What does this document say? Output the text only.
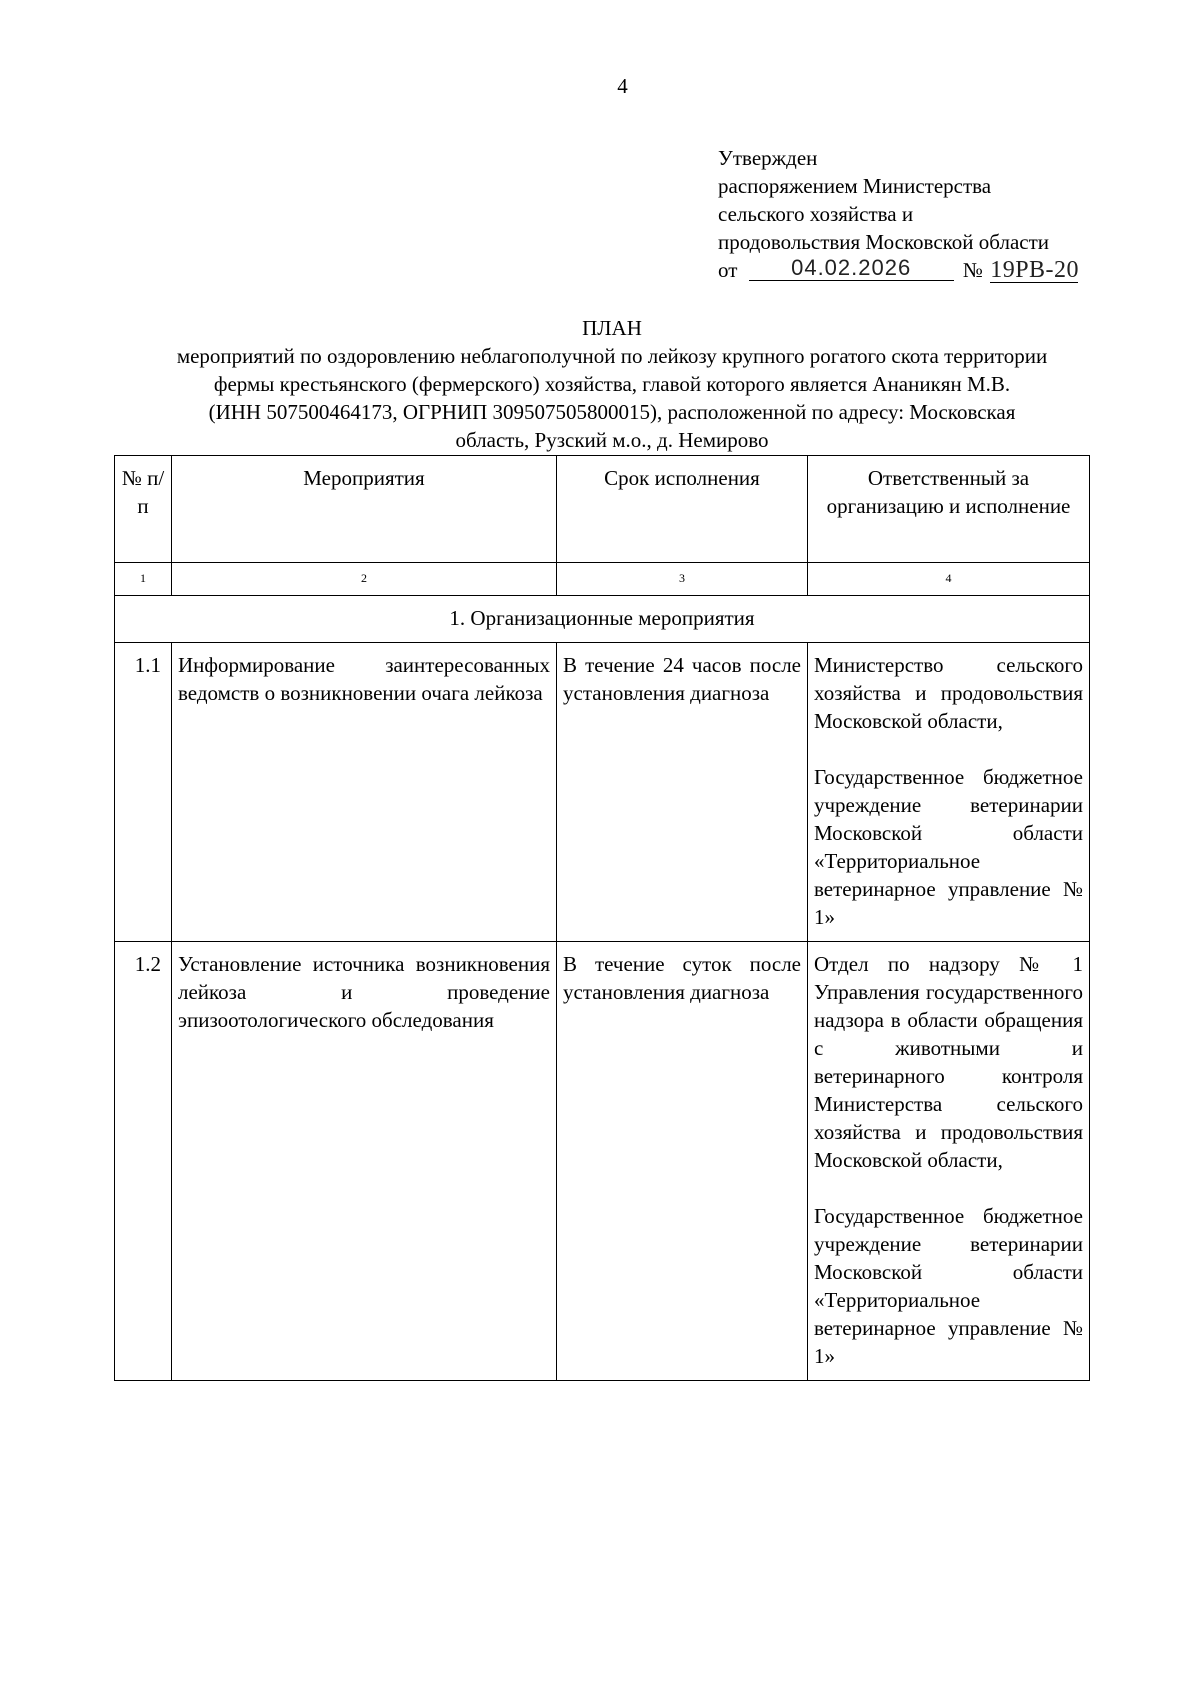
4
Утвержден
распоряжением Министерства
сельского хозяйства и
продовольствия Московской области
от 04.02.2026 № 19РВ-20
ПЛАН
мероприятий по оздоровлению неблагополучной по лейкозу крупного рогатого скота территории
фермы крестьянского (фермерского) хозяйства, главой которого является Ананикян М.В.
(ИНН 507500464173, ОГРНИП 309507505800015), расположенной по адресу: Московская
область, Рузский м.о., д. Немирово
№ п/п	Мероприятия	Срок исполнения	Ответственный за организацию и исполнение
1	2	3	4
1. Организационные мероприятия			
1.1	Информирование заинтересованных ведомств о возникновении очага лейкоза	В течение 24 часов после установления диагноза	Министерство сельского хозяйства и продовольствия Московской области,
Государственное бюджетное учреждение ветеринарии Московской области «Территориальное ветеринарное управление № 1»

1.2	Установление источника возникновения лейкоза и проведение эпизоотологического обследования	В течение суток после установления диагноза	Отдел по надзору № 1 Управления государственного надзора в области обращения с животными и ветеринарного контроля Министерства сельского хозяйства и продовольствия Московской области,
Государственное бюджетное учреждение ветеринарии Московской области «Территориальное ветеринарное управление № 1»
